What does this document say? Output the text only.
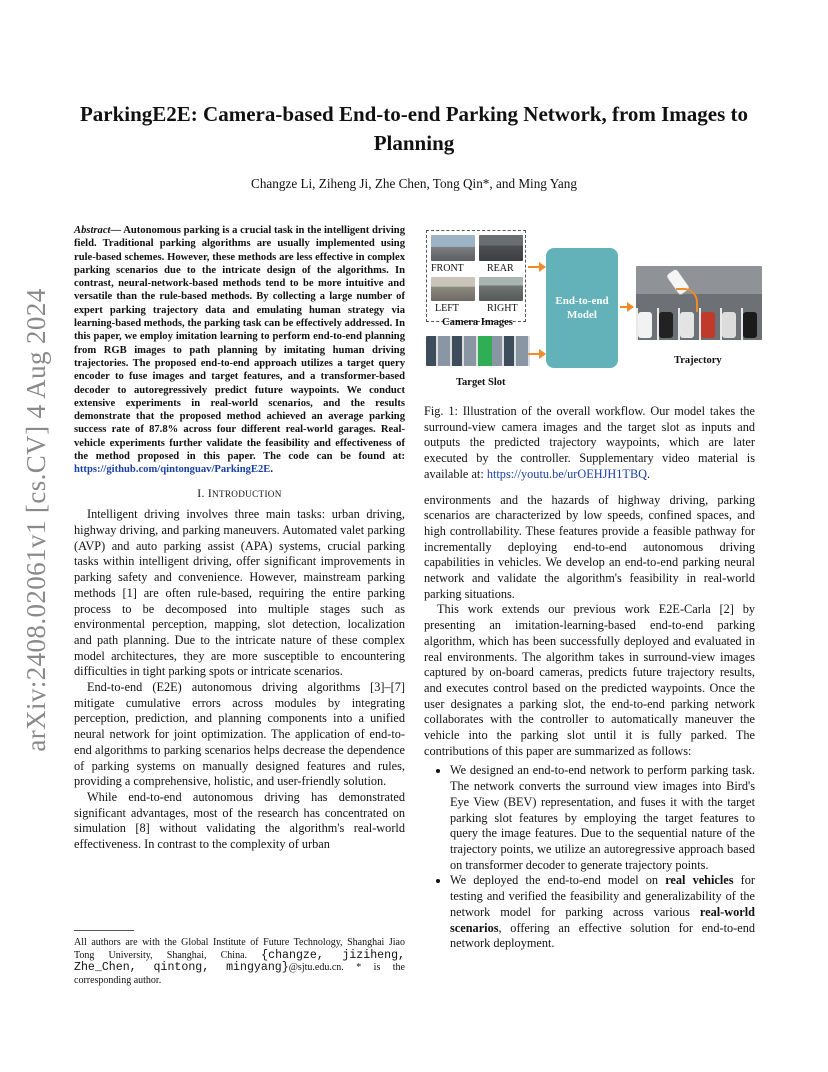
ParkingE2E: Camera-based End-to-end Parking Network, from Images to Planning
Changze Li, Ziheng Ji, Zhe Chen, Tong Qin*, and Ming Yang
arXiv:2408.02061v1 [cs.CV] 4 Aug 2024
Abstract— Autonomous parking is a crucial task in the intelligent driving field. Traditional parking algorithms are usually implemented using rule-based schemes. However, these methods are less effective in complex parking scenarios due to the intricate design of the algorithms. In contrast, neural-network-based methods tend to be more intuitive and versatile than the rule-based methods. By collecting a large number of expert parking trajectory data and emulating human strategy via learning-based methods, the parking task can be effectively addressed. In this paper, we employ imitation learning to perform end-to-end planning from RGB images to path planning by imitating human driving trajectories. The proposed end-to-end approach utilizes a target query encoder to fuse images and target features, and a transformer-based decoder to autoregressively predict future waypoints. We conduct extensive experiments in real-world scenarios, and the results demonstrate that the proposed method achieved an average parking success rate of 87.8% across four different real-world garages. Real-vehicle experiments further validate the feasibility and effectiveness of the method proposed in this paper. The code can be found at: https://github.com/qintonguav/ParkingE2E.
I. INTRODUCTION

Intelligent driving involves three main tasks: urban driving, highway driving, and parking maneuvers. Automated valet parking (AVP) and auto parking assist (APA) systems, crucial parking tasks within intelligent driving, offer significant improvements in parking safety and convenience. However, mainstream parking methods [1] are often rule-based, requiring the entire parking process to be decomposed into multiple stages such as environmental perception, mapping, slot detection, localization and path planning. Due to the intricate nature of these complex model architectures, they are more susceptible to encountering difficulties in tight parking spots or intricate scenarios.

End-to-end (E2E) autonomous driving algorithms [3]–[7] mitigate cumulative errors across modules by integrating perception, prediction, and planning components into a unified neural network for joint optimization. The application of end-to-end algorithms to parking scenarios helps decrease the dependence of parking systems on manually designed features and rules, providing a comprehensive, holistic, and user-friendly solution.

While end-to-end autonomous driving has demonstrated significant advantages, most of the research has concentrated on simulation [8] without validating the algorithm's real-world effectiveness. In contrast to the complexity of urban

All authors are with the Global Institute of Future Technology, Shanghai Jiao Tong University, Shanghai, China. {changze, jiziheng, Zhe_Chen, qintong, mingyang}@sjtu.edu.cn. * is the corresponding author.
FRONT REAR
LEFT	RIGHT
Camera Images
Target Slot
End-to-end Model
Trajectory
Fig. 1: Illustration of the overall workflow. Our model takes the surround-view camera images and the target slot as inputs and outputs the predicted trajectory waypoints, which are later executed by the controller. Supplementary video material is available at: https://youtu.be/urOEHJH1TBQ.

environments and the hazards of highway driving, parking scenarios are characterized by low speeds, confined spaces, and high controllability. These features provide a feasible pathway for incrementally deploying end-to-end autonomous driving capabilities in vehicles. We develop an end-to-end parking neural network and validate the algorithm's feasibility in real-world parking situations.

This work extends our previous work E2E-Carla [2] by presenting an imitation-learning-based end-to-end parking algorithm, which has been successfully deployed and evaluated in real environments. The algorithm takes in surround-view images captured by on-board cameras, predicts future trajectory results, and executes control based on the predicted waypoints. Once the user designates a parking slot, the end-to-end parking network collaborates with the controller to automatically maneuver the vehicle into the parking slot until it is fully parked. The contributions of this paper are summarized as follows:

• We designed an end-to-end network to perform parking task. The network converts the surround view images into Bird's Eye View (BEV) representation, and fuses it with the target parking slot features by employing the target features to query the image features. Due to the sequential nature of the trajectory points, we utilize an autoregressive approach based on transformer decoder to generate trajectory points.
• We deployed the end-to-end model on real vehicles for testing and verified the feasibility and generalizability of the network model for parking across various real-world scenarios, offering an effective solution for end-to-end network deployment.
